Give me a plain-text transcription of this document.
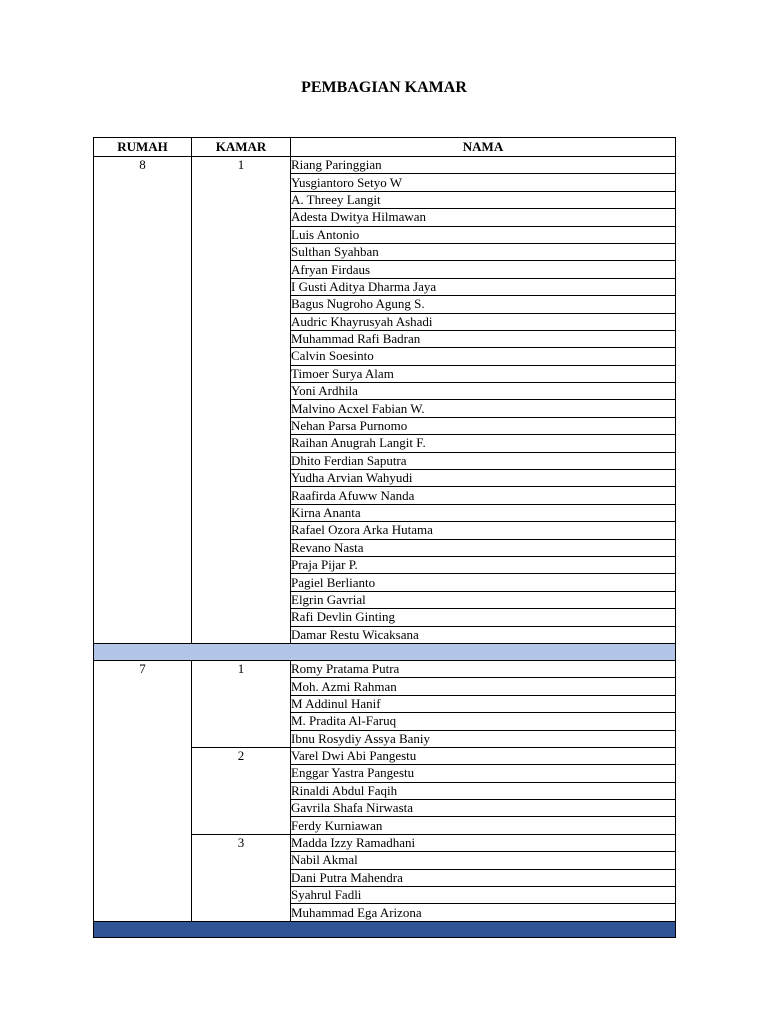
PEMBAGIAN KAMAR
RUMAH	KAMAR	NAMA
8	1	Riang Paringgian
		Yusgiantoro Setyo W
		A. Threey Langit
		Adesta Dwitya Hilmawan
		Luis Antonio
		Sulthan Syahban
		Afryan Firdaus
		I Gusti Aditya Dharma Jaya
		Bagus Nugroho Agung S.
		Audric Khayrusyah Ashadi
		Muhammad Rafi Badran
		Calvin Soesinto
		Timoer Surya Alam
		Yoni Ardhila
		Malvino Acxel Fabian W.
		Nehan Parsa Purnomo
		Raihan Anugrah Langit F.
		Dhito Ferdian Saputra
		Yudha Arvian Wahyudi
		Raafirda Afuww Nanda
		Kirna Ananta
		Rafael Ozora Arka Hutama
		Revano Nasta
		Praja Pijar P.
		Pagiel Berlianto
		Elgrin Gavrial
		Rafi Devlin Ginting
		Damar Restu Wicaksana

7	1	Romy Pratama Putra
		Moh. Azmi Rahman
		M Addinul Hanif
		M. Pradita Al-Faruq
		Ibnu Rosydiy Assya Baniy
	2	Varel Dwi Abi Pangestu
		Enggar Yastra Pangestu
		Rinaldi Abdul Faqih
		Gavrila Shafa Nirwasta
		Ferdy Kurniawan
	3	Madda Izzy Ramadhani
		Nabil Akmal
		Dani Putra Mahendra
		Syahrul Fadli
		Muhammad Ega Arizona
